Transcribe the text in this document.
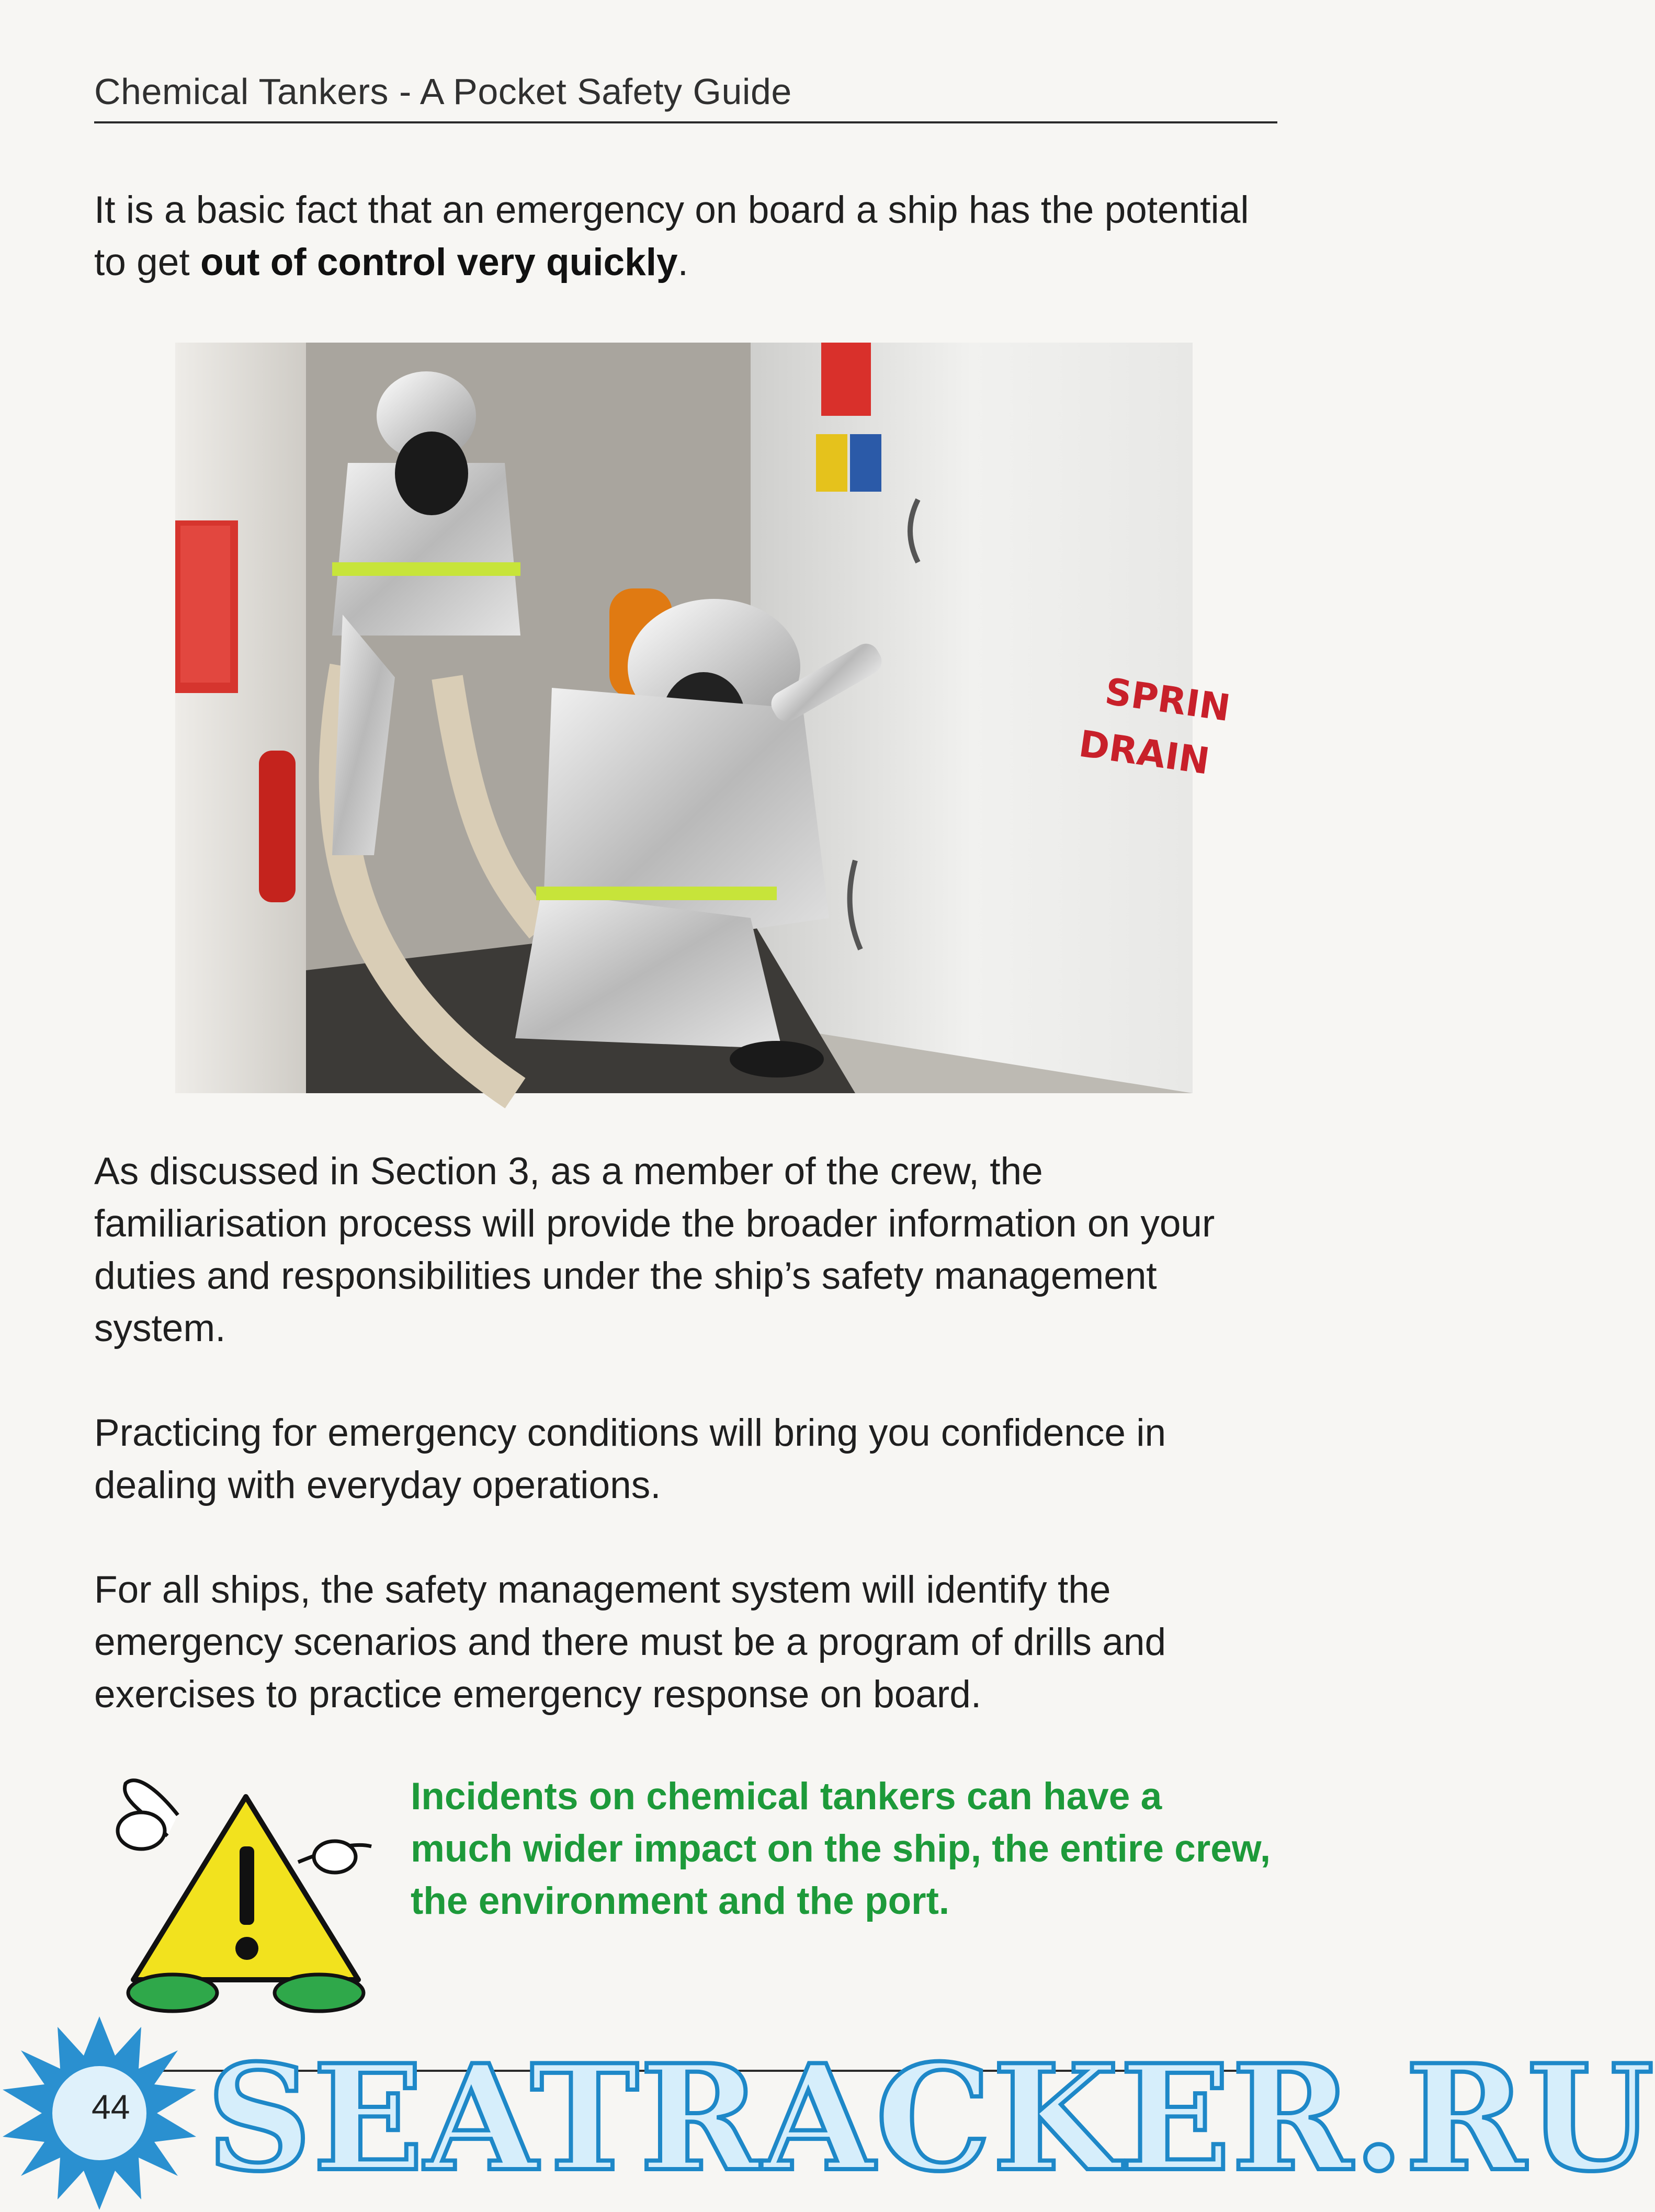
Chemical Tankers - A Pocket Safety Guide

It is a basic fact that an emergency on board a ship has the potential to get out of control very quickly.

SPRIN
DRAIN

As discussed in Section 3, as a member of the crew, the familiarisation process will provide the broader information on your duties and responsibilities under the ship’s safety management system.

Practicing for emergency conditions will bring you confidence in dealing with everyday operations.

For all ships, the safety management system will identify the emergency scenarios and there must be a program of drills and exercises to practice emergency response on board.

Incidents on chemical tankers can have a much wider impact on the ship, the entire crew, the environment and the port.

44 SEATRACKER.RU
